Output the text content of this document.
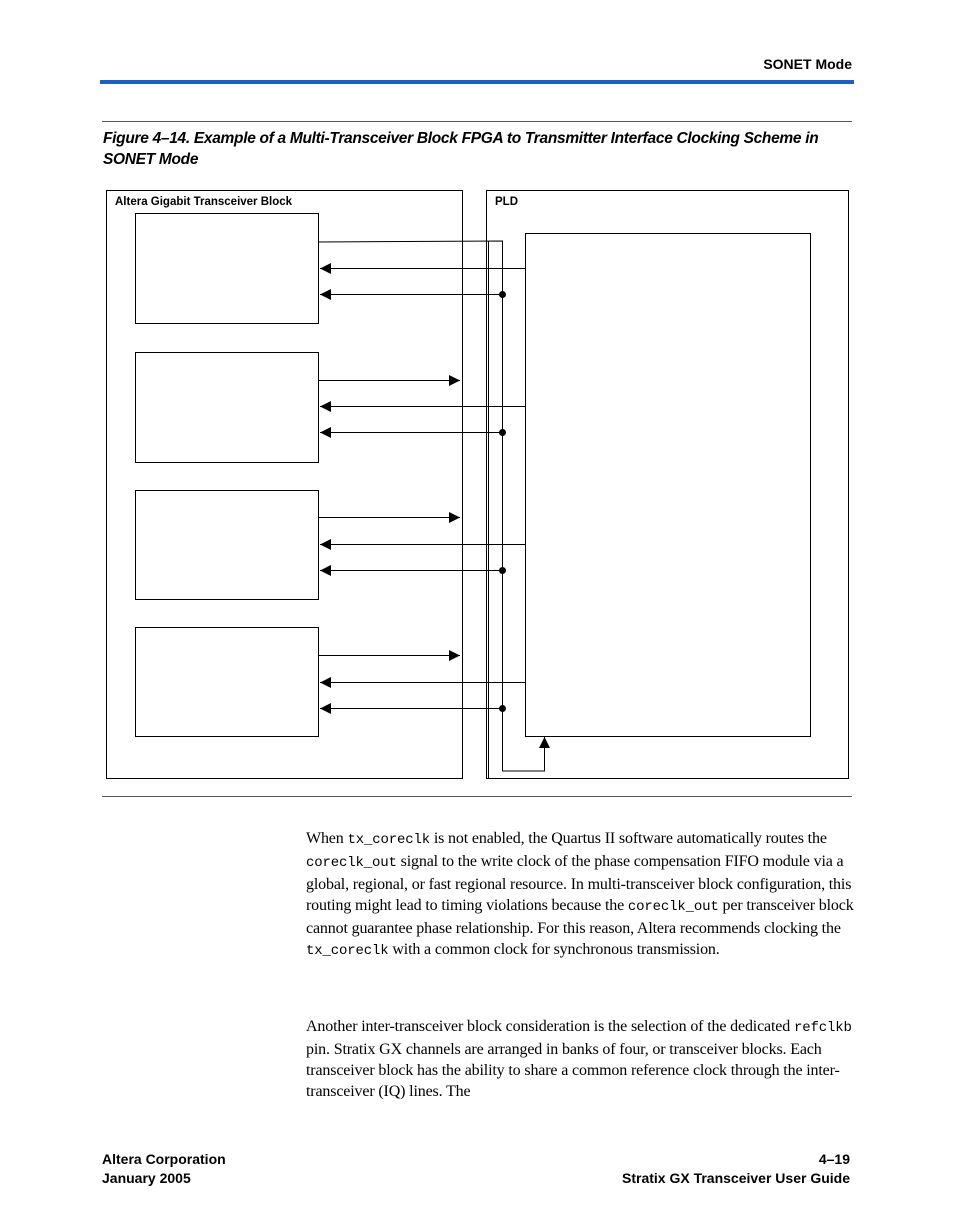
SONET Mode
Figure 4–14. Example of a Multi-Transceiver Block FPGA to Transmitter Interface Clocking Scheme in SONET Mode
Altera Gigabit Transceiver Block	PLD

When tx_coreclk is not enabled, the Quartus II software automatically routes the coreclk_out signal to the write clock of the phase compensation FIFO module via a global, regional, or fast regional resource. In multi-transceiver block configuration, this routing might lead to timing violations because the coreclk_out per transceiver block cannot guarantee phase relationship. For this reason, Altera recommends clocking the tx_coreclk with a common clock for synchronous transmission.

Another inter-transceiver block consideration is the selection of the dedicated refclkb pin. Stratix GX channels are arranged in banks of four, or transceiver blocks. Each transceiver block has the ability to share a common reference clock through the inter-transceiver (IQ) lines. The

Altera Corporation
January 2005
4–19
Stratix GX Transceiver User Guide
